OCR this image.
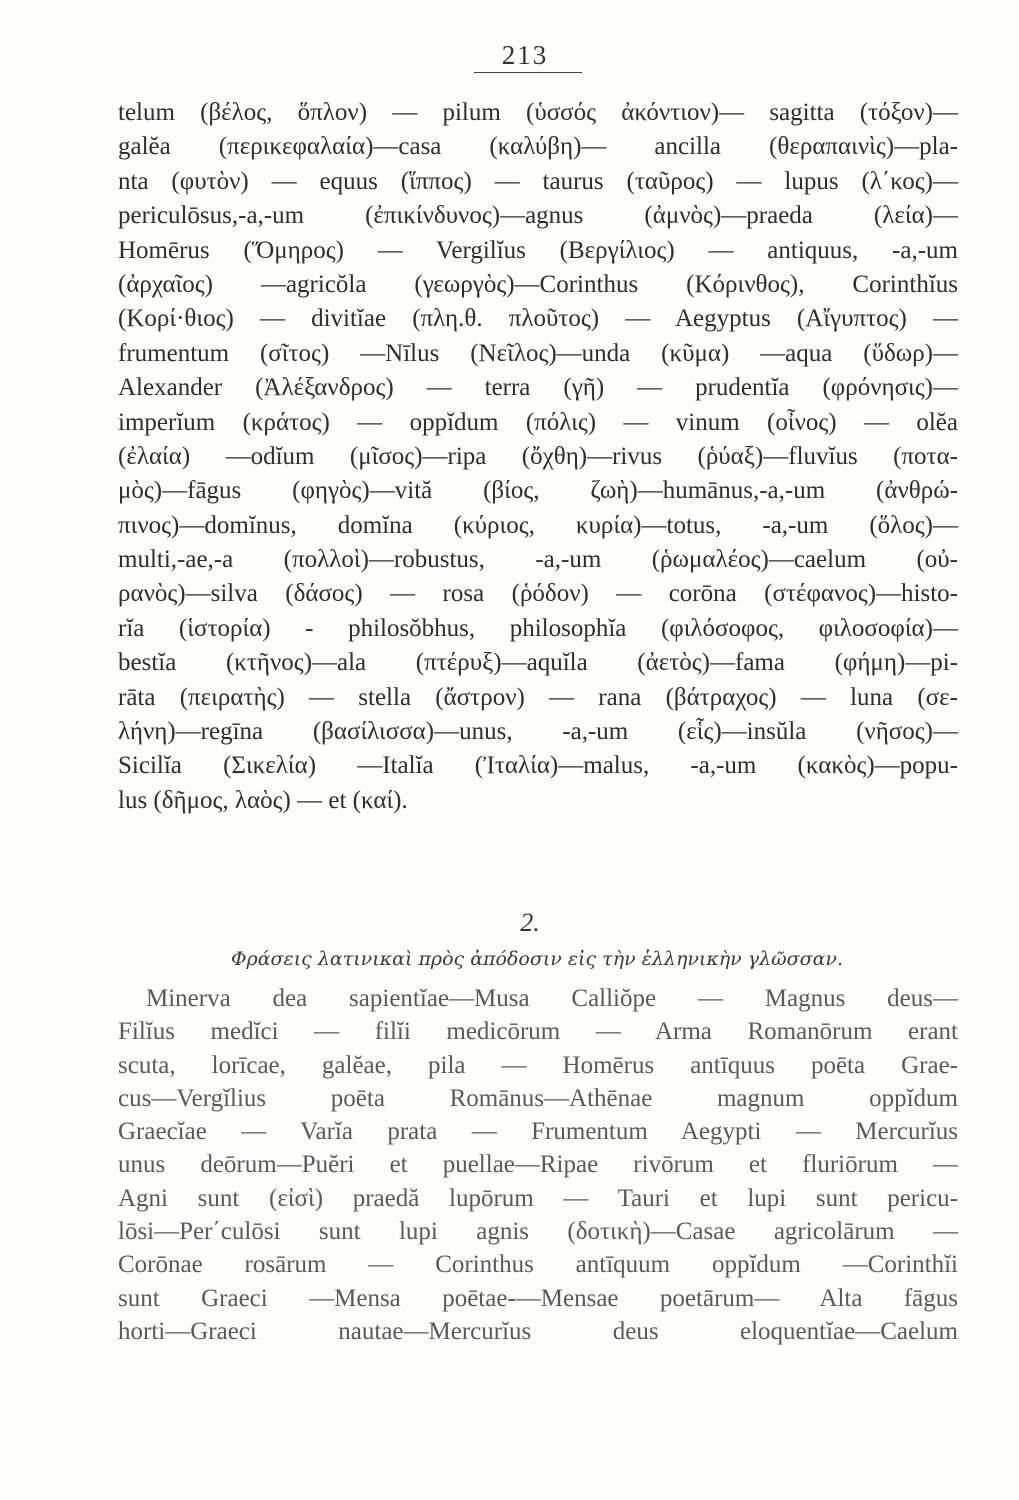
213
telum (βέλος, ὅπλον) — pilum (ὑσσός ἀκόντιον)— sagitta (τόξον)—
galĕa (περικεφαλαία)—casa (καλύβη)— ancilla (θεραπαινὶς)—pla-
nta (φυτὸν) — equus (ἵππος) — taurus (ταῦρος) — lupus (λ΄κος)—
periculōsus,-a,-um (ἐπικίνδυνος)—agnus (ἀμνὸς)—praeda (λεία)—
Homērus (Ὅμηρος) — Vergilĭus (Βεργίλιος) — antiquus, -a,-um
(ἀρχαῖος) —agricŏla (γεωργὸς)—Corinthus (Κόρινθος), Corinthĭus
(Κορί·θιος) — divitĭae (πλη.θ. πλοῦτος) — Aegyptus (Αἴγυπτος) —
frumentum (σῖτος) —Nīlus (Νεῖλος)—unda (κῦμα) —aqua (ὕδωρ)—
Alexander (Ἀλέξανδρος) — terra (γῆ) — prudentĭa (φρόνησις)—
imperĭum (κράτος) — oppĭdum (πόλις) — vinum (οἶνος) — olĕa
(ἐλαία) —odĭum (μῖσος)—ripa (ὄχθη)—rivus (ῥύαξ)—fluvĭus (ποτα-
μὸς)—fāgus (φηγὸς)—vită (βίος, ζωὴ)—humānus,-a,-um (ἀνθρώ-
πινος)—domĭnus, domĭna (κύριος, κυρία)—totus, -a,-um (ὅλος)—
multi,-ae,-a (πολλοὶ)—robustus, -a,-um (ῥωμαλέος)—caelum (οὐ-
ρανὸς)—silva (δάσος) — rosa (ῥόδον) — corōna (στέφανος)—histo-
rĭa (ἱστορία) - philosŏbhus, philosophĭa (φιλόσοφος, φιλοσοφία)—
bestĭa (κτῆνος)—ala (πτέρυξ)—aquĭla (ἀετὸς)—fama (φήμη)—pi-
rāta (πειρατὴς) — stella (ἄστρον) — rana (βάτραχος) — luna (σε-
λήνη)—regīna (βασίλισσα)—unus, -a,-um (εἷς)—insŭla (νῆσος)—
Sicilĭa (Σικελία) —Italĭa (Ἰταλία)—malus, -a,-um (κακὸς)—popu-
lus (δῆμος, λαὸς) — et (καί).
2.
Φράσεις λατινικαὶ πρὸς ἀπόδοσιν εἰς τὴν ἑλληνικὴν γλῶσσαν.
Minerva dea sapientĭae—Musa Calliŏpe — Magnus deus—
Filĭus medĭci — filĭi medicōrum — Arma Romanōrum erant
scuta, lorīcae, galĕae, pila — Homērus antīquus poēta Grae-
cus—Vergĭlius poēta Romānus—Athēnae magnum oppĭdum
Graecĭae — Varĭa prata — Frumentum Aegypti — Mercurĭus
unus deōrum—Puĕri et puellae—Ripae rivōrum et fluriōrum —
Agni sunt (εἰσὶ) praedă lupōrum — Tauri et lupi sunt pericu-
lōsi—Per΄culōsi sunt lupi agnis (δοτικὴ)—Casae agricolārum —
Corōnae rosārum — Corinthus antīquum oppĭdum —Corinthĭi
sunt Graeci —Mensa poētae-—Mensae poetārum— Alta fāgus
horti—Graeci nautae—Mercurĭus deus eloquentĭae—Caelum
